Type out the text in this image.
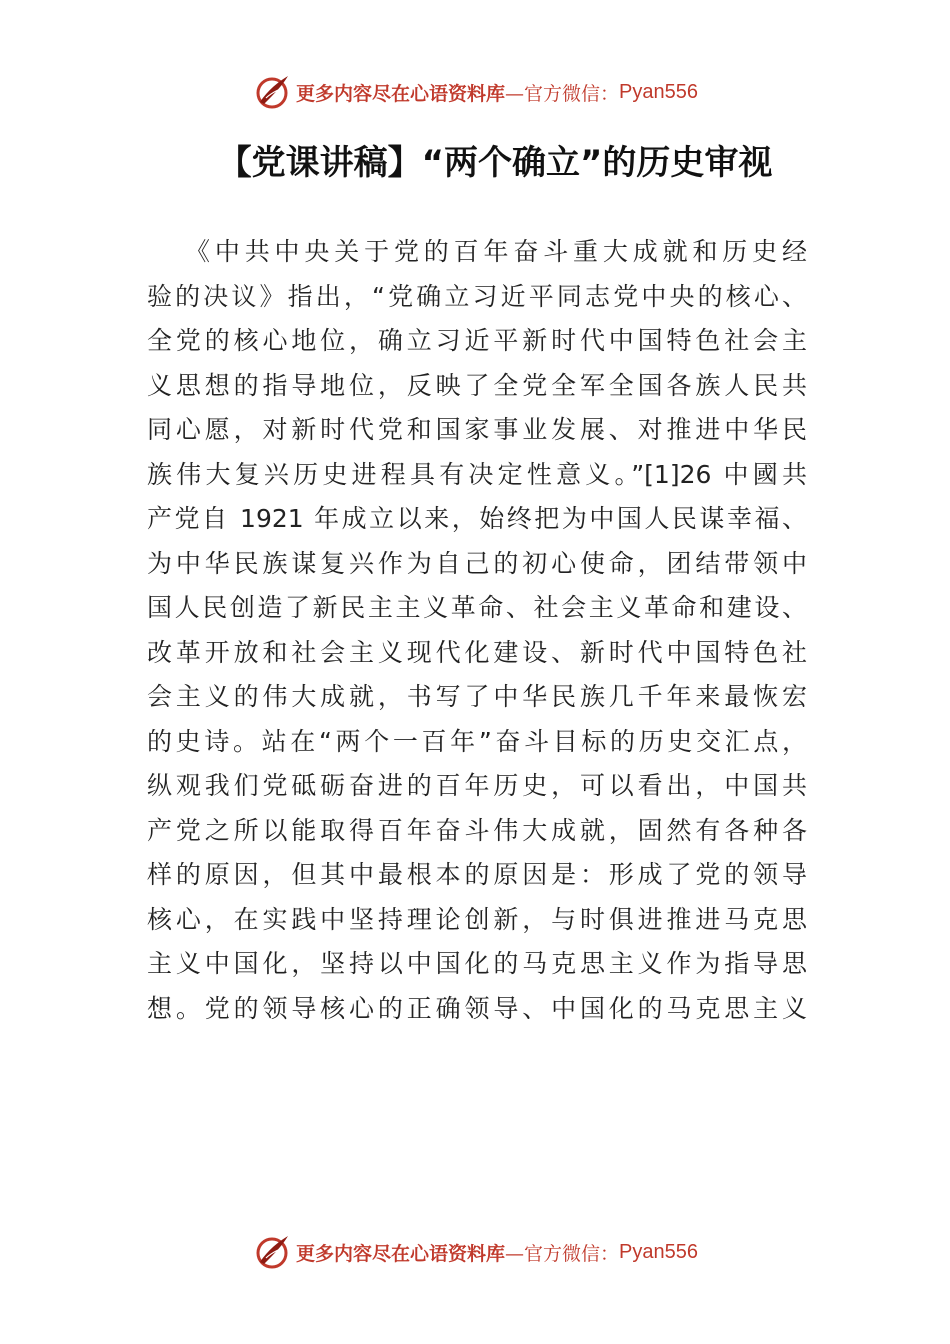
更多内容尽在心语资料库 —官方微信： Pyan556
【党课讲稿】“两个确立”的历史审视
《中共中央关于党的百年奋斗重大成就和历史经
验的决议》指出，“党确立习近平同志党中央的核心、
全党的核心地位，确立习近平新时代中国特色社会主
义思想的指导地位，反映了全党全军全国各族人民共
同心愿，对新时代党和国家事业发展、对推进中华民
族伟大复兴历史进程具有决定性意义。”[1]26 中國共
产党自 1921 年成立以来，始终把为中国人民谋幸福、
为中华民族谋复兴作为自己的初心使命，团结带领中
国人民创造了新民主主义革命、社会主义革命和建设、
改革开放和社会主义现代化建设、新时代中国特色社
会主义的伟大成就，书写了中华民族几千年来最恢宏
的史诗。站在“两个一百年”奋斗目标的历史交汇点，
纵观我们党砥砺奋进的百年历史，可以看出，中国共
产党之所以能取得百年奋斗伟大成就，固然有各种各
样的原因，但其中最根本的原因是：形成了党的领导
核心，在实践中坚持理论创新，与时俱进推进马克思
主义中国化，坚持以中国化的马克思主义作为指导思
想。党的领导核心的正确领导、中国化的马克思主义
更多内容尽在心语资料库 —官方微信： Pyan556
